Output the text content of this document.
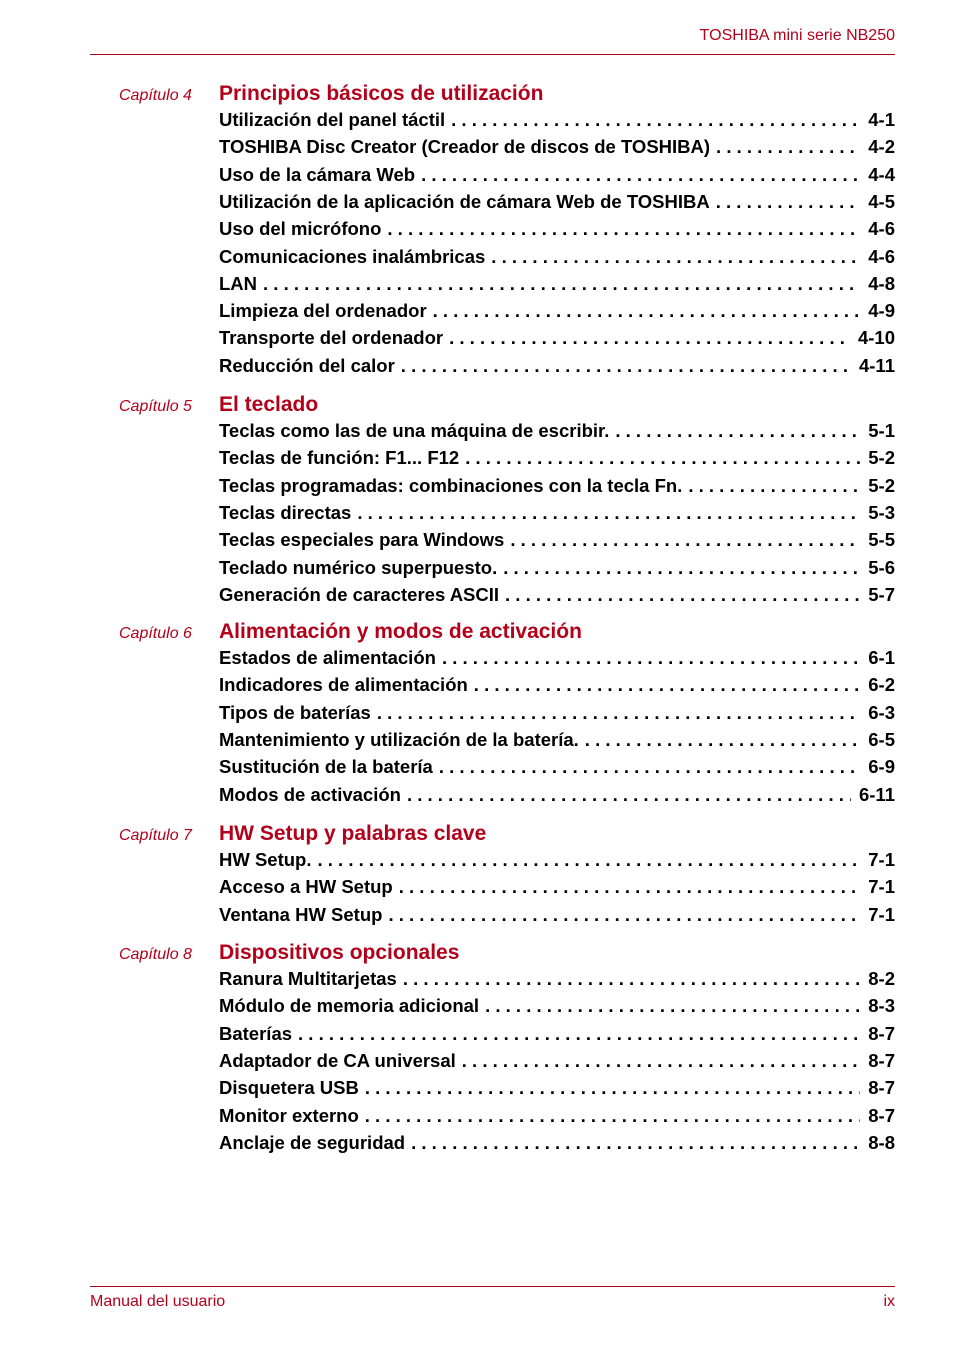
TOSHIBA mini serie NB250
Capítulo 4 Principios básicos de utilización
Utilización del panel táctil . . .	4-1
TOSHIBA Disc Creator (Creador de discos de TOSHIBA) . . .	4-2
Uso de la cámara Web . . .	4-4
Utilización de la aplicación de cámara Web de TOSHIBA . . .	4-5
Uso del micrófono . . .	4-6
Comunicaciones inalámbricas . . .	4-6
LAN . . .	4-8
Limpieza del ordenador . . .	4-9
Transporte del ordenador . . .	4-10
Reducción del calor . . .	4-11
Capítulo 5 El teclado
Teclas como las de una máquina de escribir. . . .	5-1
Teclas de función: F1... F12 . . .	5-2
Teclas programadas: combinaciones con la tecla Fn. . . .	5-2
Teclas directas . . .	5-3
Teclas especiales para Windows . . .	5-5
Teclado numérico superpuesto. . . .	5-6
Generación de caracteres ASCII . . .	5-7
Capítulo 6 Alimentación y modos de activación
Estados de alimentación . . .	6-1
Indicadores de alimentación . . .	6-2
Tipos de baterías . . .	6-3
Mantenimiento y utilización de la batería. . . .	6-5
Sustitución de la batería . . .	6-9
Modos de activación . . .	6-11
Capítulo 7 HW Setup y palabras clave
HW Setup. . . .	7-1
Acceso a HW Setup . . .	7-1
Ventana HW Setup . . .	7-1
Capítulo 8 Dispositivos opcionales
Ranura Multitarjetas . . .	8-2
Módulo de memoria adicional . . .	8-3
Baterías . . .	8-7
Adaptador de CA universal . . .	8-7
Disquetera USB . . .	8-7
Monitor externo . . .	8-7
Anclaje de seguridad . . .	8-8
Manual del usuario	ix
